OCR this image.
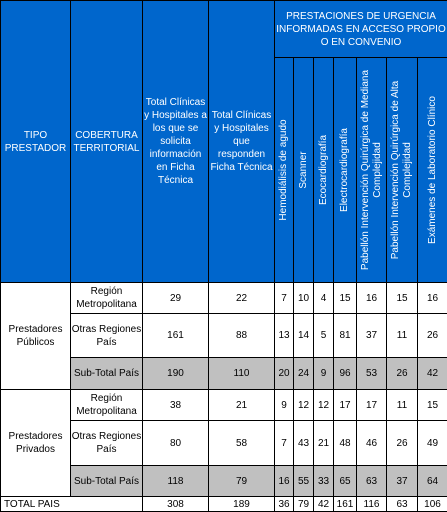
TIPO PRESTADOR	COBERTURA TERRITORIAL	Total Clínicas y Hospitales a los que se solicita información en Ficha Técnica	Total Clínicas y Hospitales que responden Ficha Técnica	PRESTACIONES DE URGENCIA INFORMADAS EN ACCESO PROPIO O EN CONVENIO						

				Hemodiálisis de agudo	Scanner	Ecocardiografía	Electrocardiografía	Pabellón Intervención Quirúrgica de Mediana Complejidad	Pabellón Intervención Quirúrgica de Alta Complejidad	Exámenes de Laboratorio Clínico

Prestadores Públicos	Región Metropolitana	29	22	7	10	4	15	16	15	16
	Otras Regiones País	161	88	13	14	5	81	37	11	26
	Sub-Total País	190	110	20	24	9	96	53	26	42
Prestadores Privados	Región Metropolitana	38	21	9	12	12	17	17	11	15
	Otras Regiones País	80	58	7	43	21	48	46	26	49
	Sub-Total País	118	79	16	55	33	65	63	37	64
TOTAL PAIS		308	189	36	79	42	161	116	63	106
